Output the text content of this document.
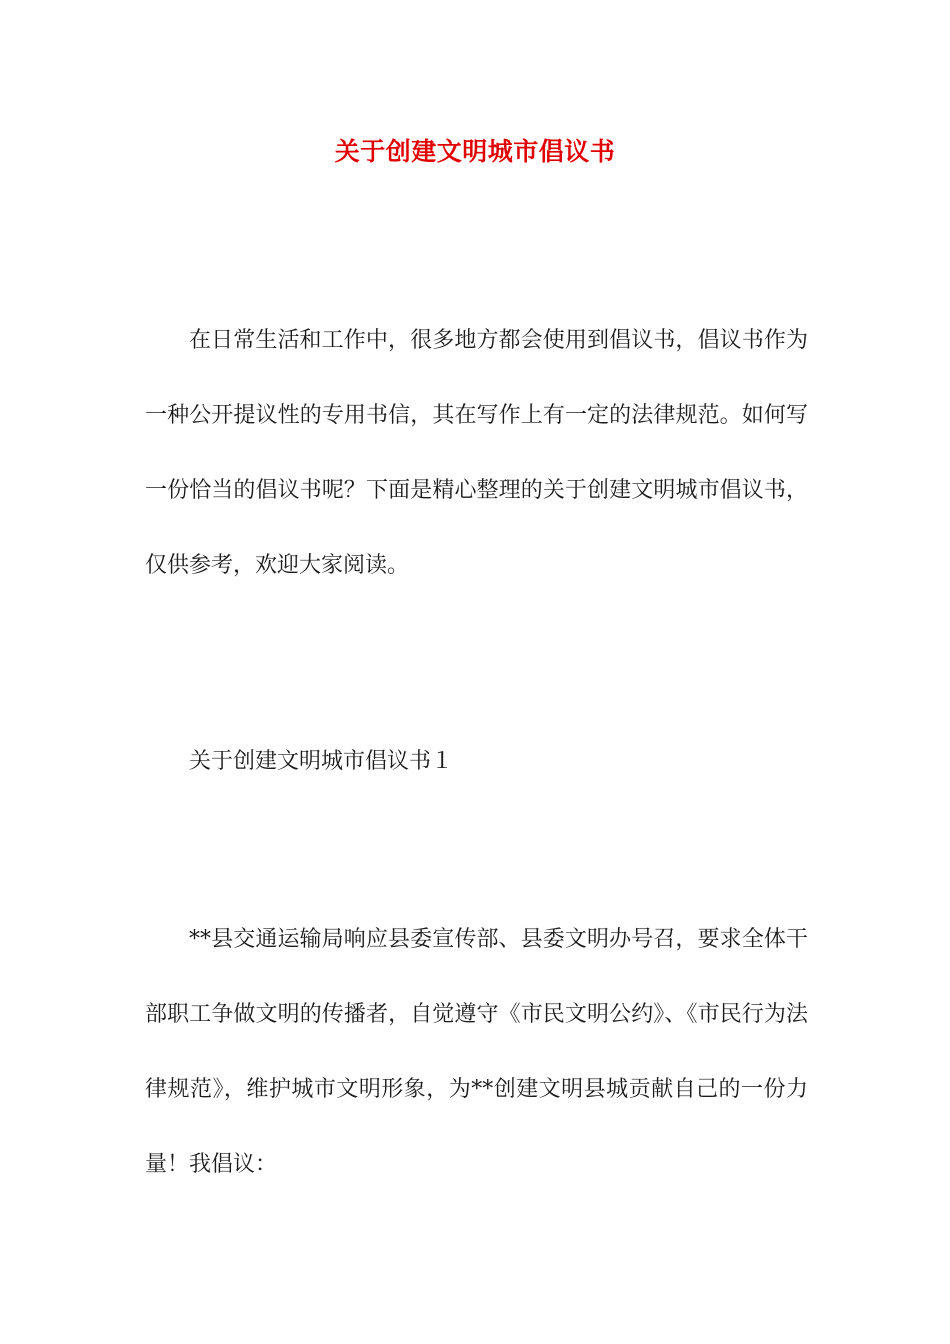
关于创建文明城市倡议书

在日常生活和工作中，很多地方都会使用到倡议书，倡议书作为一种公开提议性的专用书信，其在写作上有一定的法律规范。如何写一份恰当的倡议书呢？下面是精心整理的关于创建文明城市倡议书，仅供参考，欢迎大家阅读。

关于创建文明城市倡议书１

**县交通运输局响应县委宣传部、县委文明办号召，要求全体干部职工争做文明的传播者，自觉遵守《市民文明公约》、《市民行为法律规范》，维护城市文明形象，为**创建文明县城贡献自己的一份力量！我倡议：
